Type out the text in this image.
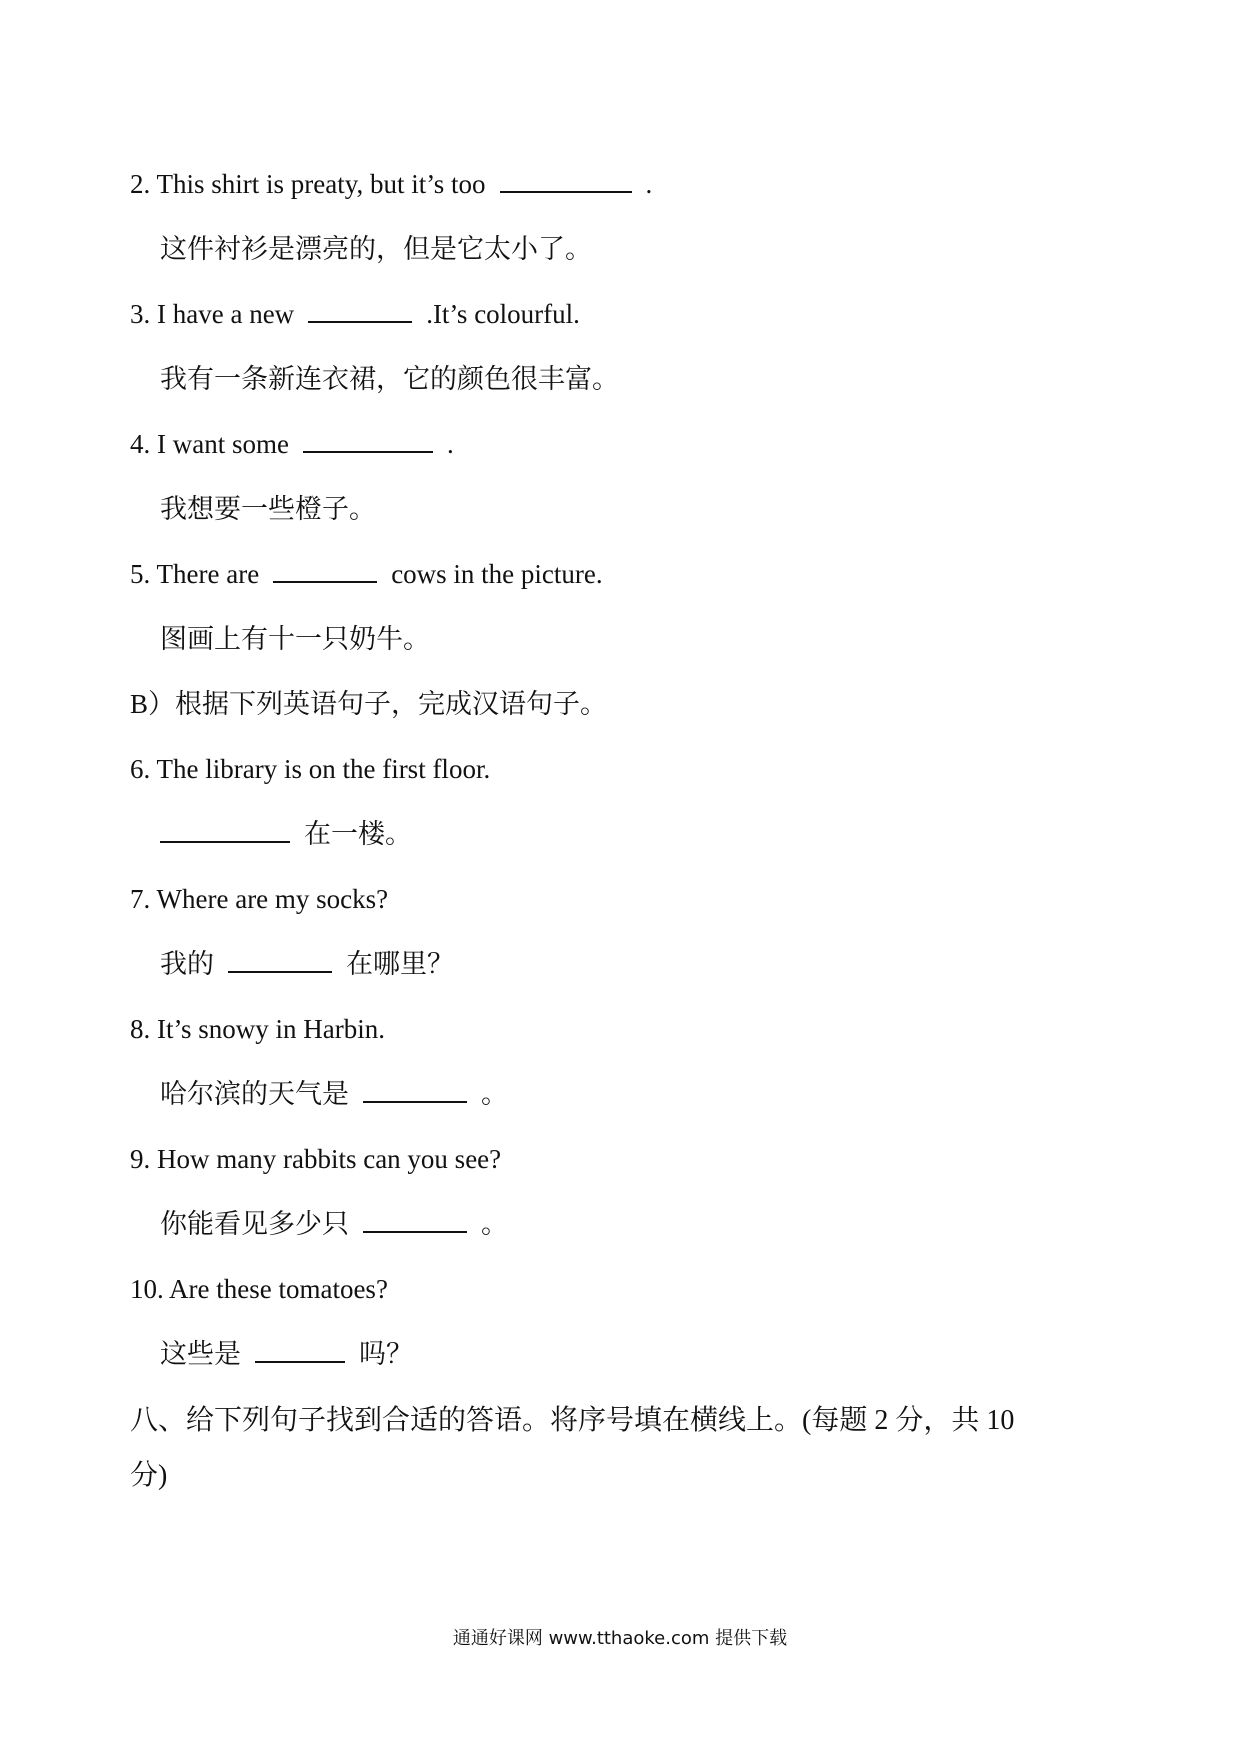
2. This shirt is preaty, but it’s too	.
这件衬衫是漂亮的，但是它太小了。
3. I have a new	.It’s colourful.
我有一条新连衣裙，它的颜色很丰富。
4. I want some	.
我想要一些橙子。
5. There are	cows in the picture.
图画上有十一只奶牛。
B）根据下列英语句子，完成汉语句子。
6. The library is on the first floor.
在一楼。
7. Where are my socks?
我的	在哪里？
8. It’s snowy in Harbin.
哈尔滨的天气是	。
9. How many rabbits can you see?
你能看见多少只	。
10. Are these tomatoes?
这些是	吗？
八、给下列句子找到合适的答语。将序号填在横线上。(每题 2 分，共 10
分)
通通好课网 www.tthaoke.com 提供下载
